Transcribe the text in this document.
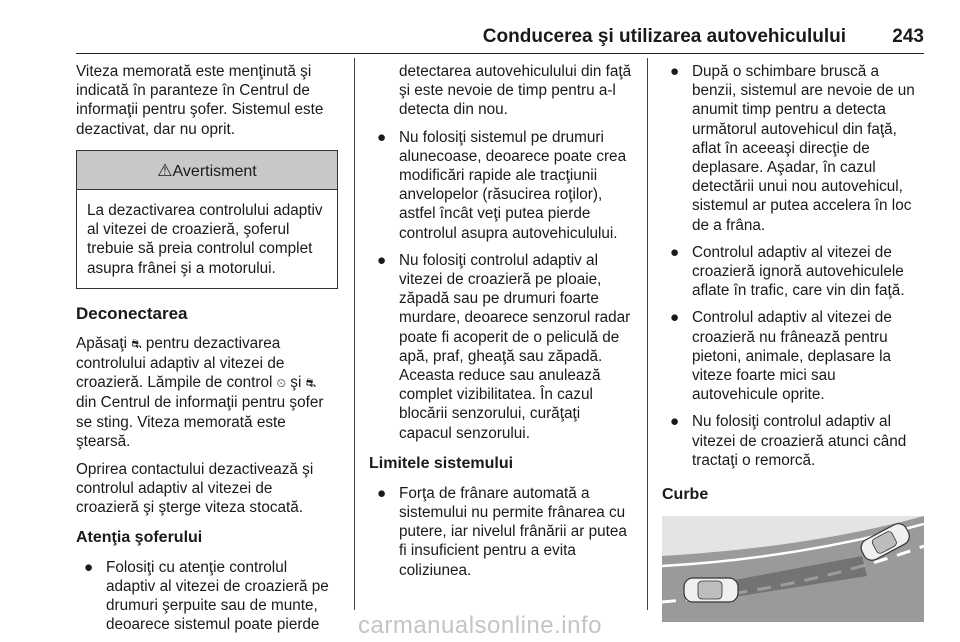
Conducerea şi utilizarea autovehiculului 243

Viteza memorată este menţinută şi indicată în paranteze în Centrul de informaţii pentru şofer. Sistemul este dezactivat, dar nu oprit.

⚠Avertisment
La dezactivarea controlului adaptiv al vitezei de croazieră, şoferul trebuie să preia controlul complet asupra frânei şi a motorului.
Deconectarea

Apăsaţi ⛐ pentru dezactivarea controlului adaptiv al vitezei de croazieră. Lămpile de control ⏲ şi ⛐ din Centrul de informaţii pentru şofer se sting. Viteza memorată este ştearsă.

Oprirea contactului dezactivează şi controlul adaptiv al vitezei de croazieră şi şterge viteza stocată.

Atenţia şoferului
● Folosiţi cu atenţie controlul adaptiv al vitezei de croazieră pe drumuri şerpuite sau de munte, deoarece sistemul poate pierde

detectarea autovehiculului din faţă şi este nevoie de timp pentru a-l detecta din nou.

● Nu folosiţi sistemul pe drumuri alunecoase, deoarece poate crea modificări rapide ale tracţiunii anvelopelor (răsucirea roţilor), astfel încât veţi putea pierde controlul asupra autovehiculului.
● Nu folosiţi controlul adaptiv al vitezei de croazieră pe ploaie, zăpadă sau pe drumuri foarte murdare, deoarece senzorul radar poate fi acoperit de o peliculă de apă, praf, gheaţă sau zăpadă. Aceasta reduce sau anulează complet vizibilitatea. În cazul blocării senzorului, curăţaţi capacul senzorului.
Limitele sistemului
● Forţa de frânare automată a sistemului nu permite frânarea cu putere, iar nivelul frânării ar putea fi insuficient pentru a evita coliziunea.
● După o schimbare bruscă a benzii, sistemul are nevoie de un anumit timp pentru a detecta următorul autovehicul din faţă, aflat în aceeaşi direcţie de deplasare. Aşadar, în cazul detectării unui nou autovehicul, sistemul ar putea accelera în loc de a frâna.
● Controlul adaptiv al vitezei de croazieră ignoră autovehiculele aflate în trafic, care vin din faţă.
● Controlul adaptiv al vitezei de croazieră nu frânează pentru pietoni, animale, deplasare la viteze foarte mici sau autovehicule oprite.
● Nu folosiţi controlul adaptiv al vitezei de croazieră atunci când tractaţi o remorcă.
Curbe
carmanualsonline.info
